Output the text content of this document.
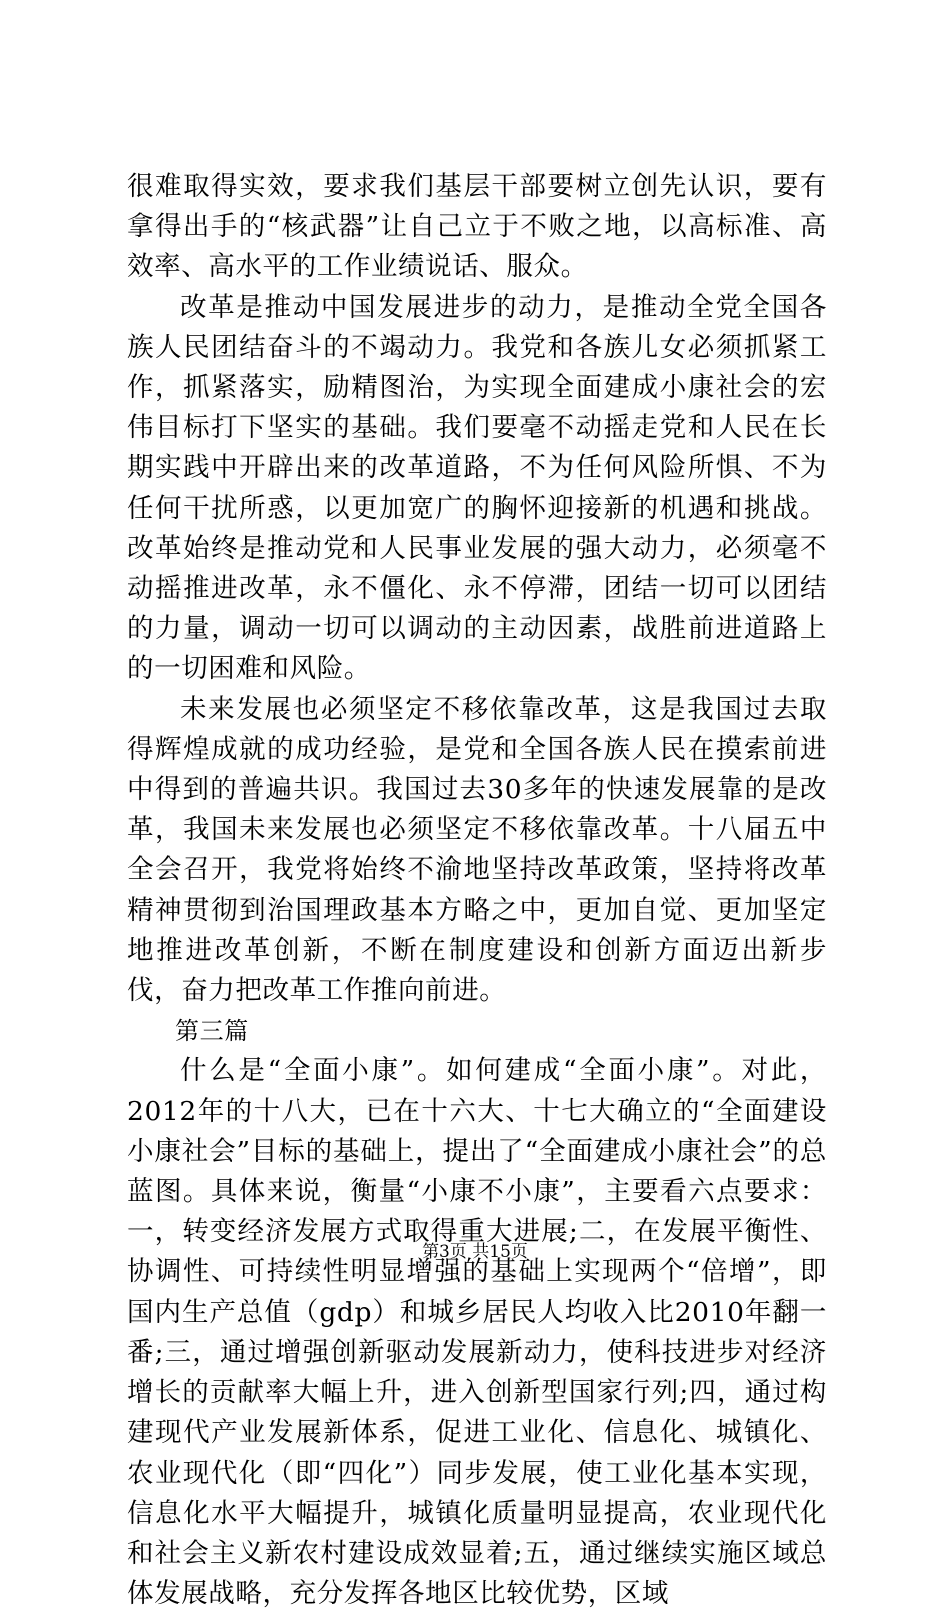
很难取得实效，要求我们基层干部要树立创先认识，要有拿得出手的“核武器”让自己立于不败之地，以高标准、高效率、高水平的工作业绩说话、服众。

改革是推动中国发展进步的动力，是推动全党全国各族人民团结奋斗的不竭动力。我党和各族儿女必须抓紧工作，抓紧落实，励精图治，为实现全面建成小康社会的宏伟目标打下坚实的基础。我们要毫不动摇走党和人民在长期实践中开辟出来的改革道路，不为任何风险所惧、不为任何干扰所惑，以更加宽广的胸怀迎接新的机遇和挑战。改革始终是推动党和人民事业发展的强大动力，必须毫不动摇推进改革，永不僵化、永不停滞，团结一切可以团结的力量，调动一切可以调动的主动因素，战胜前进道路上的一切困难和风险。

未来发展也必须坚定不移依靠改革，这是我国过去取得辉煌成就的成功经验，是党和全国各族人民在摸索前进中得到的普遍共识。我国过去30多年的快速发展靠的是改革，我国未来发展也必须坚定不移依靠改革。十八届五中全会召开，我党将始终不渝地坚持改革政策，坚持将改革精神贯彻到治国理政基本方略之中，更加自觉、更加坚定地推进改革创新，不断在制度建设和创新方面迈出新步伐，奋力把改革工作推向前进。

第三篇

什么是“全面小康”。如何建成“全面小康”。对此，2012年的十八大，已在十六大、十七大确立的“全面建设小康社会”目标的基础上，提出了“全面建成小康社会”的总蓝图。具体来说，衡量“小康不小康”，主要看六点要求：一，转变经济发展方式取得重大进展;二，在发展平衡性、协调性、可持续性明显增强的基础上实现两个“倍增”，即国内生产总值（gdp）和城乡居民人均收入比2010年翻一番;三，通过增强创新驱动发展新动力，使科技进步对经济增长的贡献率大幅上升，进入创新型国家行列;四，通过构建现代产业发展新体系，促进工业化、信息化、城镇化、农业现代化（即“四化”）同步发展，使工业化基本实现，信息化水平大幅提升，城镇化质量明显提高，农业现代化和社会主义新农村建设成效显着;五，通过继续实施区域总体发展战略，充分发挥各地区比较优势，区域

第3页 共15页
